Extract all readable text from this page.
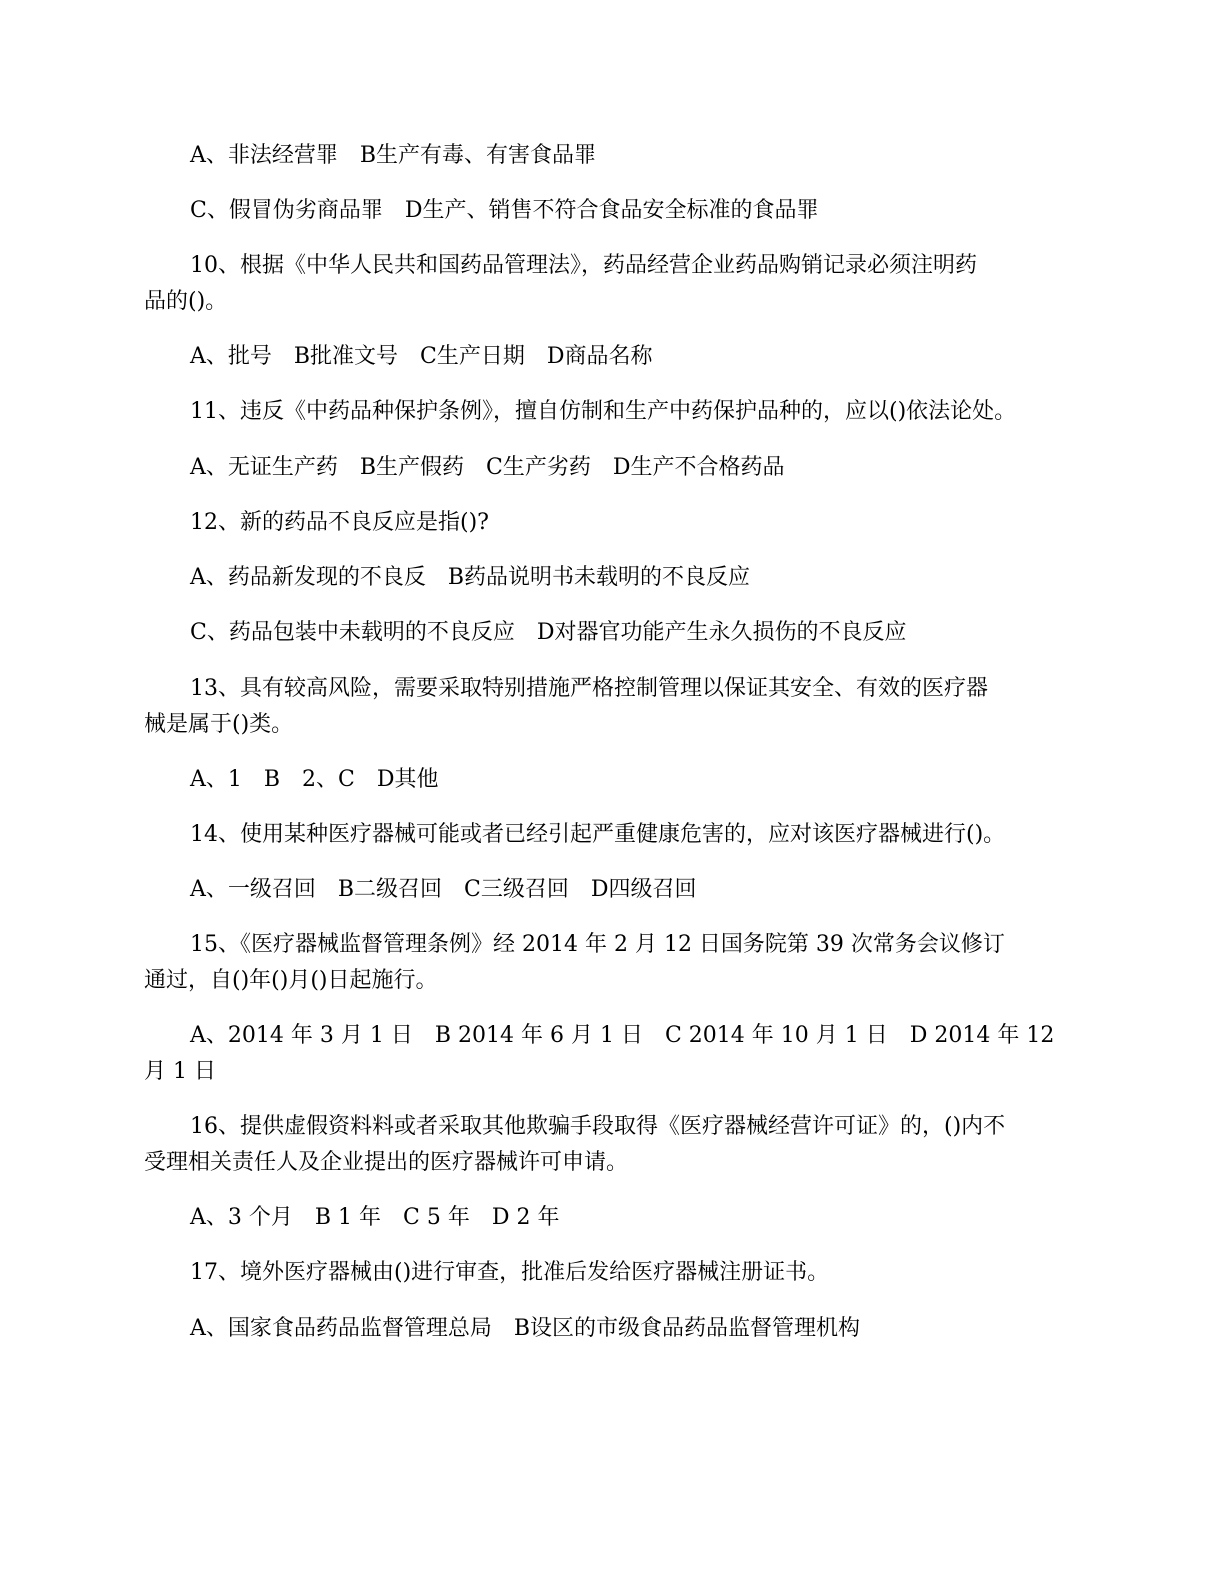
A、非法经营罪　B生产有毒、有害食品罪
C、假冒伪劣商品罪　D生产、销售不符合食品安全标准的食品罪
10、根据《中华人民共和国药品管理法》，药品经营企业药品购销记录必须注明药
品的()。
A、批号　B批准文号　C生产日期　D商品名称
11、违反《中药品种保护条例》，擅自仿制和生产中药保护品种的，应以()依法论处。
A、无证生产药　B生产假药　C生产劣药　D生产不合格药品
12、新的药品不良反应是指()?
A、药品新发现的不良反　B药品说明书未载明的不良反应
C、药品包装中未载明的不良反应　D对器官功能产生永久损伤的不良反应
13、具有较高风险，需要采取特别措施严格控制管理以保证其安全、有效的医疗器
械是属于()类。
A、1　B　2、C　D其他
14、使用某种医疗器械可能或者已经引起严重健康危害的，应对该医疗器械进行()。
A、一级召回　B二级召回　C三级召回　D四级召回
15、《医疗器械监督管理条例》经 2014 年 2 月 12 日国务院第 39 次常务会议修订
通过，自()年()月()日起施行。
A、2014 年 3 月 1 日　B 2014 年 6 月 1 日　C 2014 年 10 月 1 日　D 2014 年 12
月 1 日
16、提供虚假资料料或者采取其他欺骗手段取得《医疗器械经营许可证》的，()内不
受理相关责任人及企业提出的医疗器械许可申请。
A、3 个月　B 1 年　C 5 年　D 2 年
17、境外医疗器械由()进行审查，批准后发给医疗器械注册证书。
A、国家食品药品监督管理总局　B设区的市级食品药品监督管理机构
